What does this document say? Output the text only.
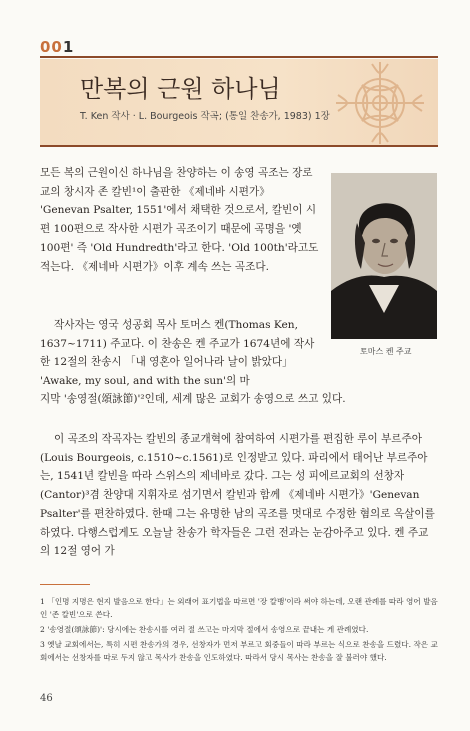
001
만복의 근원 하나님
T. Ken 작사 · L. Bourgeois 작곡; (통일 찬송가, 1983) 1장
토마스 켄 주교

모든 복의 근원이신 하나님을 찬양하는 이 송영 곡조는 장로교의 창시자 존 칼빈¹이 출판한 《제네바 시편가》 'Genevan Psalter, 1551'에서 채택한 것으로서, 칼빈이 시편 100편으로 작사한 시편가 곡조이기 때문에 곡명을 '옛 100편' 즉 'Old Hundredth'라고 한다. 'Old 100th'라고도 적는다. 《제네바 시편가》이후 계속 쓰는 곡조다.

작사자는 영국 성공회 목사 토머스 켄(Thomas Ken, 1637~1711) 주교다. 이 찬송은 켄 주교가 1674년에 작사한 12절의 찬송시 「내 영혼아 일어나라 날이 밝았다」 'Awake, my soul, and with the sun'의 마

지막 '송영절(頌詠節)'²인데, 세계 많은 교회가 송영으로 쓰고 있다.

이 곡조의 작곡자는 칼빈의 종교개혁에 참여하여 시편가를 편집한 루이 부르주아(Louis Bourgeois, c.1510~c.1561)로 인정받고 있다. 파리에서 태어난 부르주아는, 1541년 칼빈을 따라 스위스의 제네바로 갔다. 그는 성 피에르교회의 선창자(Cantor)³겸 찬양대 지휘자로 섬기면서 칼빈과 함께 《제네바 시편가》'Genevan Psalter'를 편찬하였다. 한때 그는 유명한 남의 곡조를 멋대로 수정한 혐의로 옥살이를 하였다. 다행스럽게도 오늘날 찬송가 학자들은 그런 전과는 눈감아주고 있다. 켄 주교의 12절 영어 가

1 「인명 지명은 현지 발음으로 한다」는 외래어 표기법을 따르면 '장 칼뱅'이라 써야 하는데, 오랜 관례를 따라 영어 발음인 '존 칼빈'으로 쓴다.

2 '송영절(頌詠節)': 당시에는 찬송시를 여러 절 쓰고는 마지막 절에서 송영으로 끝내는 게 관례였다.

3 옛날 교회에서는, 특히 시편 찬송가의 경우, 선창자가 먼저 부르고 회중들이 따라 부르는 식으로 찬송을 드렸다. 작은 교회에서는 선창자를 따로 두지 않고 목사가 찬송을 인도하였다. 따라서 당시 목사는 찬송을 잘 불러야 했다.

46
